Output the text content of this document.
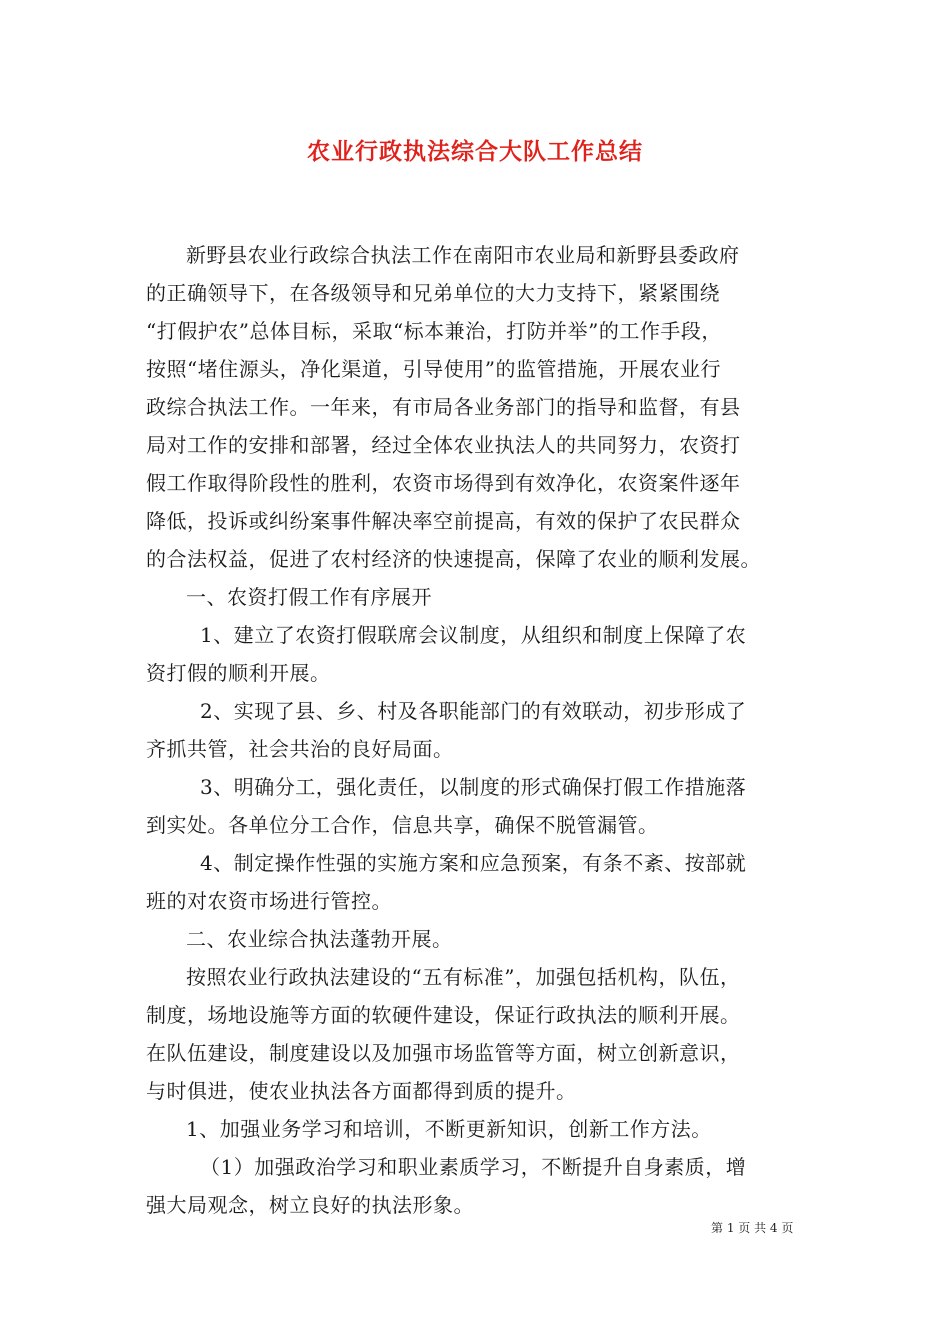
农业行政执法综合大队工作总结
新野县农业行政综合执法工作在南阳市农业局和新野县委政府
的正确领导下，在各级领导和兄弟单位的大力支持下，紧紧围绕
“打假护农”总体目标，采取“标本兼治，打防并举”的工作手段，
按照“堵住源头，净化渠道，引导使用”的监管措施，开展农业行
政综合执法工作。一年来，有市局各业务部门的指导和监督，有县
局对工作的安排和部署，经过全体农业执法人的共同努力，农资打
假工作取得阶段性的胜利，农资市场得到有效净化，农资案件逐年
降低，投诉或纠纷案事件解决率空前提高，有效的保护了农民群众
的合法权益，促进了农村经济的快速提高，保障了农业的顺利发展。
一、农资打假工作有序展开
1、建立了农资打假联席会议制度，从组织和制度上保障了农
资打假的顺利开展。
2、实现了县、乡、村及各职能部门的有效联动，初步形成了
齐抓共管，社会共治的良好局面。
3、明确分工，强化责任，以制度的形式确保打假工作措施落
到实处。各单位分工合作，信息共享，确保不脱管漏管。
4、制定操作性强的实施方案和应急预案，有条不紊、按部就
班的对农资市场进行管控。
二、农业综合执法蓬勃开展。
按照农业行政执法建设的“五有标准”，加强包括机构，队伍，
制度，场地设施等方面的软硬件建设，保证行政执法的顺利开展。
在队伍建设，制度建设以及加强市场监管等方面，树立创新意识，
与时俱进，使农业执法各方面都得到质的提升。
1、加强业务学习和培训，不断更新知识，创新工作方法。
（1）加强政治学习和职业素质学习，不断提升自身素质，增
强大局观念，树立良好的执法形象。
第 1 页 共 4 页
